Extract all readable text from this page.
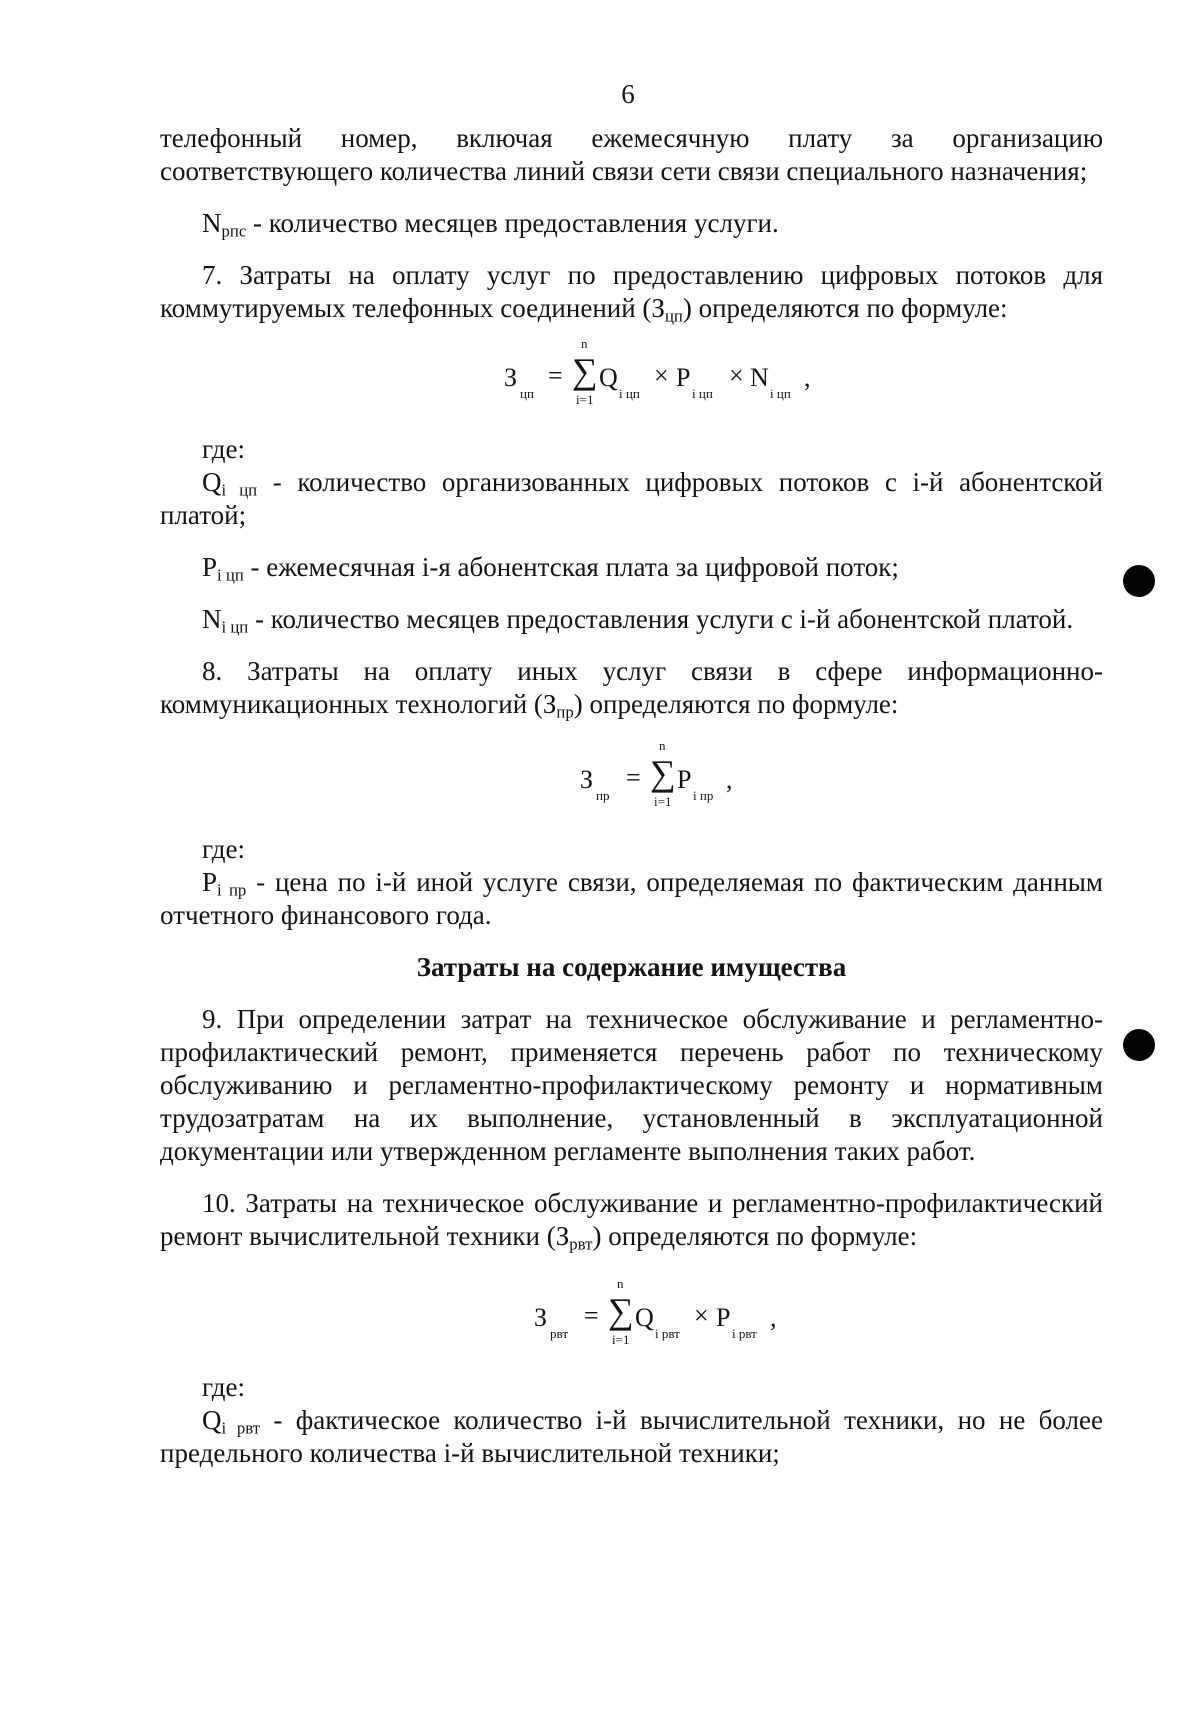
6

телефонный номер, включая ежемесячную плату за организацию соответствующего количества линий связи сети связи специального назначения;

$N_{рпс}$ - количество месяцев предоставления услуги.

7. Затраты на оплату услуг по предоставлению цифровых потоков для коммутируемых телефонных соединений $(З_{цп})$ определяются по формуле:

З
цп
=
n
∑
i=1
Q
i цп
× P
i цп
× N
i цп
,

где:

$Q_{i цп}$ - количество организованных цифровых потоков с i-й абонентской платой;

$P_{i цп}$ - ежемесячная i-я абонентская плата за цифровой поток;

$N_{i цп}$ - количество месяцев предоставления услуги с i-й абонентской платой.

8. Затраты на оплату иных услуг связи в сфере информационно-коммуникационных технологий $(З_{пр})$ определяются по формуле:

З
пр
=
n
∑
i=1
P
i пр
,

где:

$P_{i пр}$ - цена по i-й иной услуге связи, определяемая по фактическим данным отчетного финансового года.

Затраты на содержание имущества

9. При определении затрат на техническое обслуживание и регламентно-профилактический ремонт, применяется перечень работ по техническому обслуживанию и регламентно-профилактическому ремонту и нормативным трудозатратам на их выполнение, установленный в эксплуатационной документации или утвержденном регламенте выполнения таких работ.

10. Затраты на техническое обслуживание и регламентно-профилактический ремонт вычислительной техники $(З_{рвт})$ определяются по формуле:

З
рвт
=
n
∑
i=1
Q
i рвт
× P
i рвт
,

где:

$Q_{i рвт}$ - фактическое количество i-й вычислительной техники, но не более предельного количества i-й вычислительной техники;
